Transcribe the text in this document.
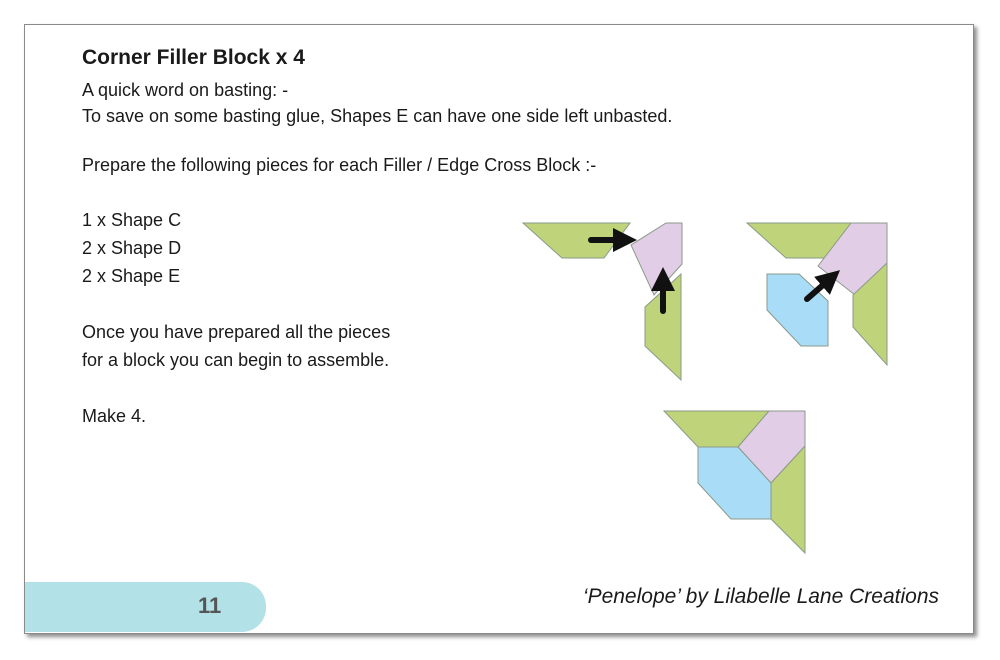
Corner Filler Block x 4

A quick word on basting: -

To save on some basting glue, Shapes E can have one side left unbasted.

Prepare the following pieces for each Filler / Edge Cross Block :-

1 x Shape C

2 x Shape D

2 x Shape E

Once you have prepared all the pieces

for a block you can begin to assemble.

Make 4.

11	‘Penelope’ by Lilabelle Lane Creations
